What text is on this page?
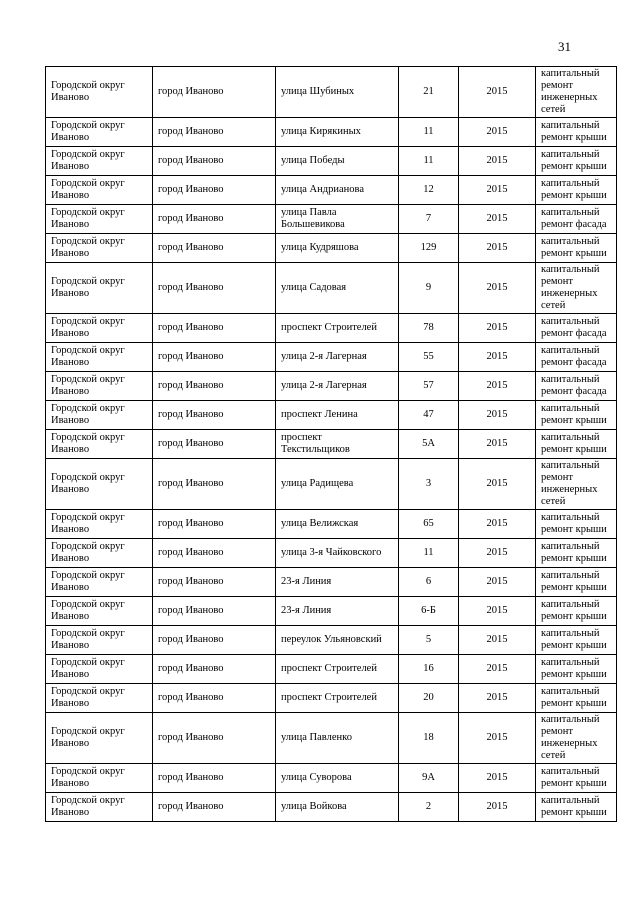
31
Городской округ Иваново	город Иваново	улица Шубиных	21	2015	капитальный ремонт инженерных сетей
Городской округ Иваново	город Иваново	улица Кирякиных	11	2015	капитальный ремонт крыши
Городской округ Иваново	город Иваново	улица Победы	11	2015	капитальный ремонт крыши
Городской округ Иваново	город Иваново	улица Андрианова	12	2015	капитальный ремонт крыши
Городской округ Иваново	город Иваново	улица Павла Большевикова	7	2015	капитальный ремонт фасада
Городской округ Иваново	город Иваново	улица Кудряшова	129	2015	капитальный ремонт крыши
Городской округ Иваново	город Иваново	улица Садовая	9	2015	капитальный ремонт инженерных сетей
Городской округ Иваново	город Иваново	проспект Строителей	78	2015	капитальный ремонт фасада
Городской округ Иваново	город Иваново	улица 2-я Лагерная	55	2015	капитальный ремонт фасада
Городской округ Иваново	город Иваново	улица 2-я Лагерная	57	2015	капитальный ремонт фасада
Городской округ Иваново	город Иваново	проспект Ленина	47	2015	капитальный ремонт крыши
Городской округ Иваново	город Иваново	проспект Текстильщиков	5А	2015	капитальный ремонт крыши
Городской округ Иваново	город Иваново	улица Радищева	3	2015	капитальный ремонт инженерных сетей
Городской округ Иваново	город Иваново	улица Велижская	65	2015	капитальный ремонт крыши
Городской округ Иваново	город Иваново	улица 3-я Чайковского	11	2015	капитальный ремонт крыши
Городской округ Иваново	город Иваново	23-я Линия	6	2015	капитальный ремонт крыши
Городской округ Иваново	город Иваново	23-я Линия	6-Б	2015	капитальный ремонт крыши
Городской округ Иваново	город Иваново	переулок Ульяновский	5	2015	капитальный ремонт крыши
Городской округ Иваново	город Иваново	проспект Строителей	16	2015	капитальный ремонт крыши
Городской округ Иваново	город Иваново	проспект Строителей	20	2015	капитальный ремонт крыши
Городской округ Иваново	город Иваново	улица Павленко	18	2015	капитальный ремонт инженерных сетей
Городской округ Иваново	город Иваново	улица Суворова	9А	2015	капитальный ремонт крыши
Городской округ Иваново	город Иваново	улица Войкова	2	2015	капитальный ремонт крыши
